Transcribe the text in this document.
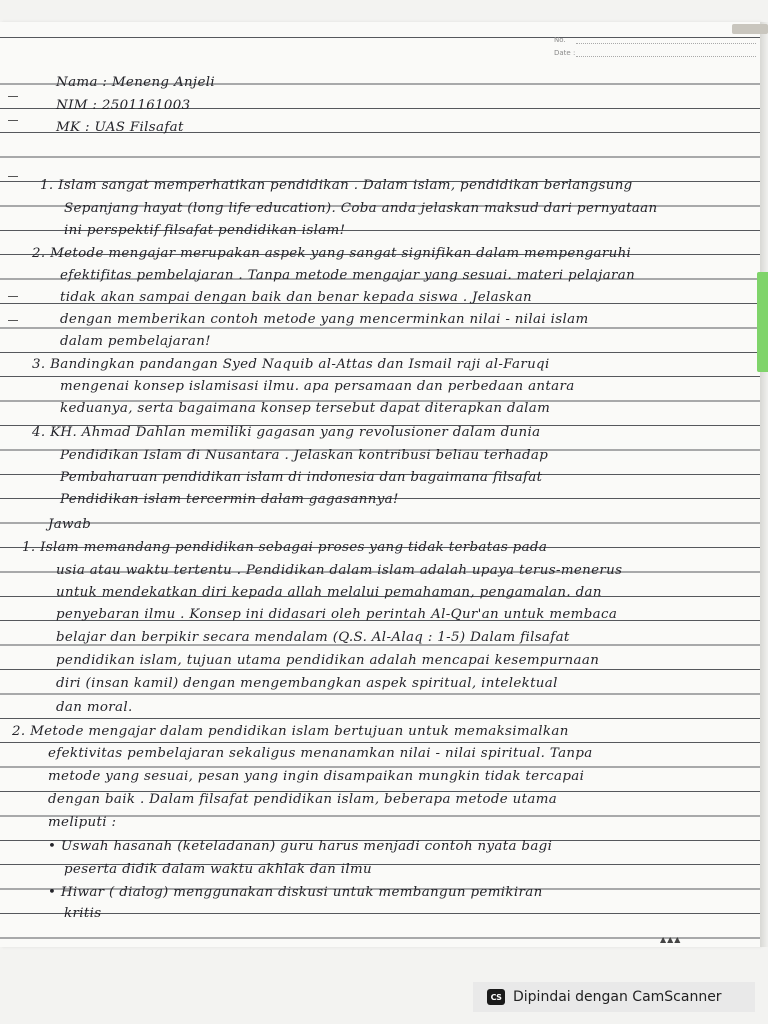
No.
Date :
Nama : Meneng Anjeli
NIM : 2501161003
MK : UAS Filsafat
1. Islam sangat memperhatikan pendidikan . Dalam islam, pendidikan berlangsung
Sepanjang hayat (long life education). Coba anda jelaskan maksud dari pernyataan
ini perspektif filsafat pendidikan islam!
2. Metode mengajar merupakan aspek yang sangat signifikan dalam mempengaruhi
efektifitas pembelajaran . Tanpa metode mengajar yang sesuai. materi pelajaran
tidak akan sampai dengan baik dan benar kepada siswa . Jelaskan
dengan memberikan contoh metode yang mencerminkan nilai - nilai islam
dalam pembelajaran!
3. Bandingkan pandangan Syed Naquib al-Attas dan Ismail raji al-Faruqi
mengenai konsep islamisasi ilmu. apa persamaan dan perbedaan antara
keduanya, serta bagaimana konsep tersebut dapat diterapkan dalam
4. KH. Ahmad Dahlan memiliki gagasan yang revolusioner dalam dunia
Pendidikan Islam di Nusantara . Jelaskan kontribusi beliau terhadap
Pembaharuan pendidikan islam di indonesia dan bagaimana filsafat
Pendidikan islam tercermin dalam gagasannya!
Jawab
1. Islam memandang pendidikan sebagai proses yang tidak terbatas pada
usia atau waktu tertentu . Pendidikan dalam islam adalah upaya terus-menerus
untuk mendekatkan diri kepada allah melalui pemahaman, pengamalan. dan
penyebaran ilmu . Konsep ini didasari oleh perintah Al-Qur'an untuk membaca
belajar dan berpikir secara mendalam (Q.S. Al-Alaq : 1-5) Dalam filsafat
pendidikan islam, tujuan utama pendidikan adalah mencapai kesempurnaan
diri (insan kamil) dengan mengembangkan aspek spiritual, intelektual
dan moral.
2. Metode mengajar dalam pendidikan islam bertujuan untuk memaksimalkan
efektivitas pembelajaran sekaligus menanamkan nilai - nilai spiritual. Tanpa
metode yang sesuai, pesan yang ingin disampaikan mungkin tidak tercapai
dengan baik . Dalam filsafat pendidikan islam, beberapa metode utama
meliputi :
• Uswah hasanah (keteladanan) guru harus menjadi contoh nyata bagi
peserta didik dalam waktu akhlak dan ilmu
• Hiwar ( dialog) menggunakan diskusi untuk membangun pemikiran
kritis
▲▲▲
CS Dipindai dengan CamScanner
